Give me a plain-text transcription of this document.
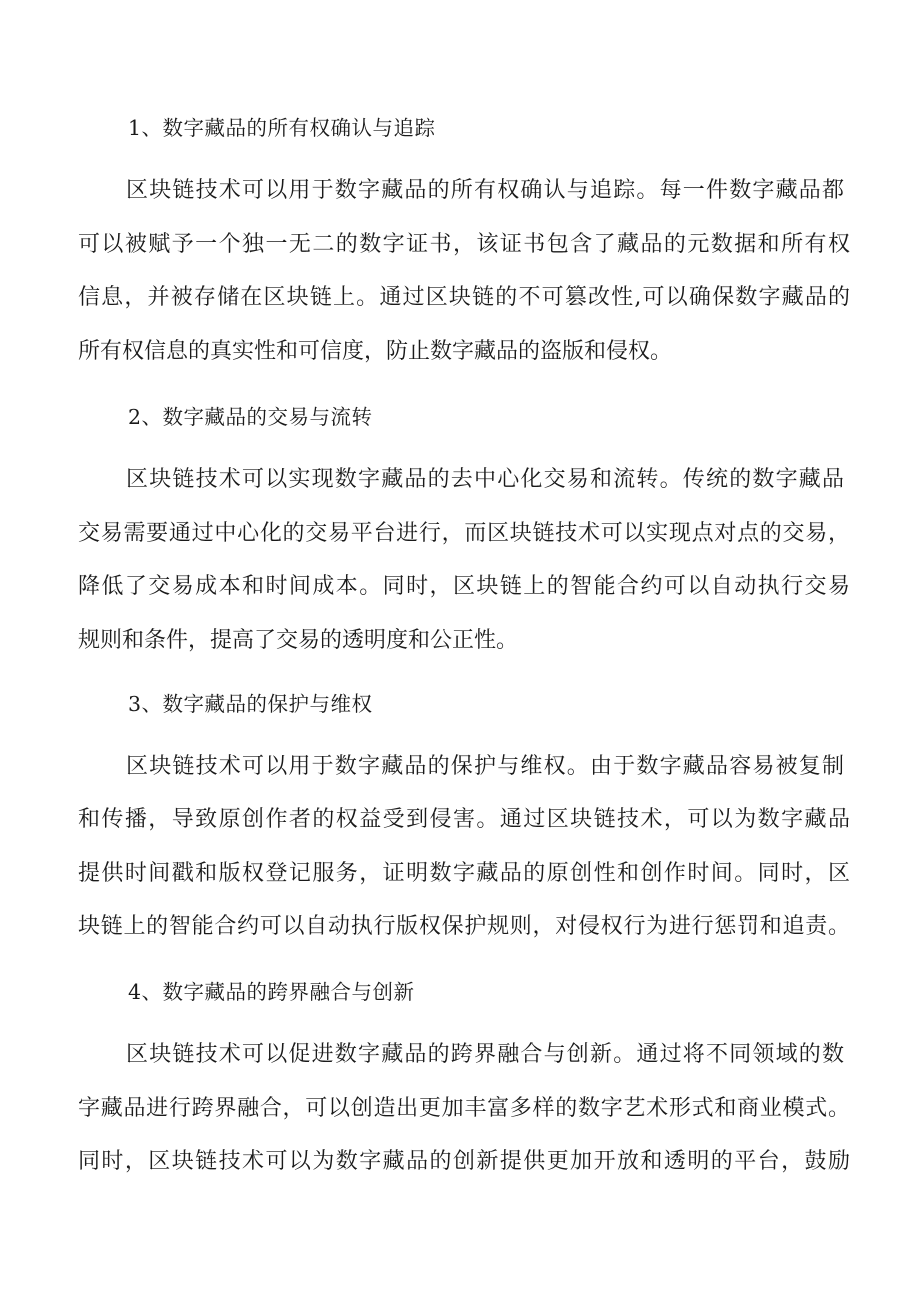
1、数字藏品的所有权确认与追踪
区块链技术可以用于数字藏品的所有权确认与追踪。每一件数字藏品都
可以被赋予一个独一无二的数字证书，该证书包含了藏品的元数据和所有权
信息，并被存储在区块链上。通过区块链的不可篡改性,可以确保数字藏品的
所有权信息的真实性和可信度，防止数字藏品的盗版和侵权。
2、数字藏品的交易与流转
区块链技术可以实现数字藏品的去中心化交易和流转。传统的数字藏品
交易需要通过中心化的交易平台进行，而区块链技术可以实现点对点的交易，
降低了交易成本和时间成本。同时，区块链上的智能合约可以自动执行交易
规则和条件，提高了交易的透明度和公正性。
3、数字藏品的保护与维权
区块链技术可以用于数字藏品的保护与维权。由于数字藏品容易被复制
和传播，导致原创作者的权益受到侵害。通过区块链技术，可以为数字藏品
提供时间戳和版权登记服务，证明数字藏品的原创性和创作时间。同时，区
块链上的智能合约可以自动执行版权保护规则，对侵权行为进行惩罚和追责。
4、数字藏品的跨界融合与创新
区块链技术可以促进数字藏品的跨界融合与创新。通过将不同领域的数
字藏品进行跨界融合，可以创造出更加丰富多样的数字艺术形式和商业模式。
同时，区块链技术可以为数字藏品的创新提供更加开放和透明的平台，鼓励
